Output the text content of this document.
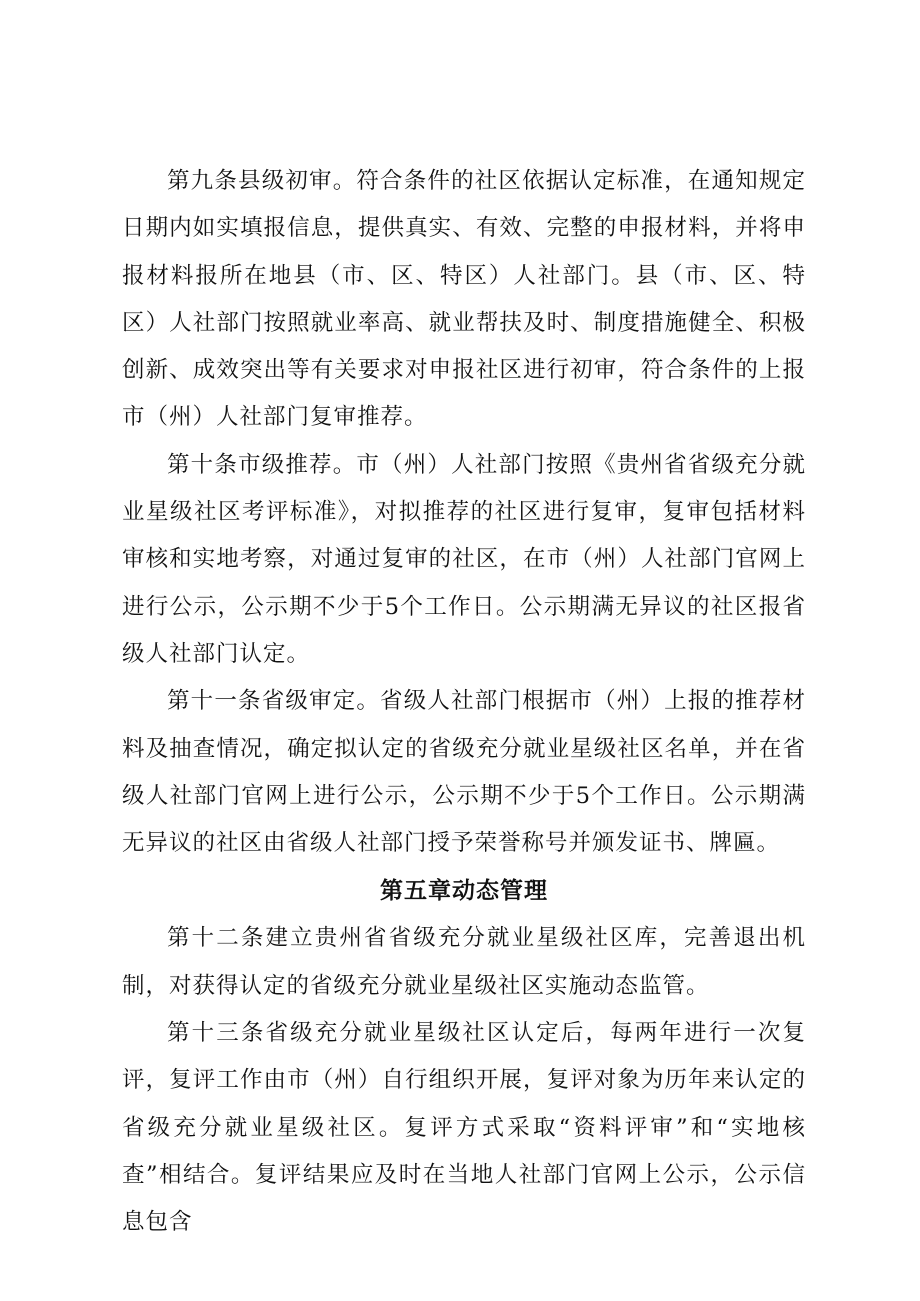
第九条县级初审。符合条件的社区依据认定标准，在通知规定日期内如实填报信息，提供真实、有效、完整的申报材料，并将申报材料报所在地县（市、区、特区）人社部门。县（市、区、特区）人社部门按照就业率高、就业帮扶及时、制度措施健全、积极创新、成效突出等有关要求对申报社区进行初审，符合条件的上报市（州）人社部门复审推荐。

第十条市级推荐。市（州）人社部门按照《贵州省省级充分就业星级社区考评标准》，对拟推荐的社区进行复审，复审包括材料审核和实地考察，对通过复审的社区，在市（州）人社部门官网上进行公示，公示期不少于5个工作日。公示期满无异议的社区报省级人社部门认定。

第十一条省级审定。省级人社部门根据市（州）上报的推荐材料及抽查情况，确定拟认定的省级充分就业星级社区名单，并在省级人社部门官网上进行公示，公示期不少于5个工作日。公示期满无异议的社区由省级人社部门授予荣誉称号并颁发证书、牌匾。

第五章动态管理

第十二条建立贵州省省级充分就业星级社区库，完善退出机制，对获得认定的省级充分就业星级社区实施动态监管。

第十三条省级充分就业星级社区认定后，每两年进行一次复评，复评工作由市（州）自行组织开展，复评对象为历年来认定的省级充分就业星级社区。复评方式采取“资料评审”和“实地核查”相结合。复评结果应及时在当地人社部门官网上公示，公示信息包含
